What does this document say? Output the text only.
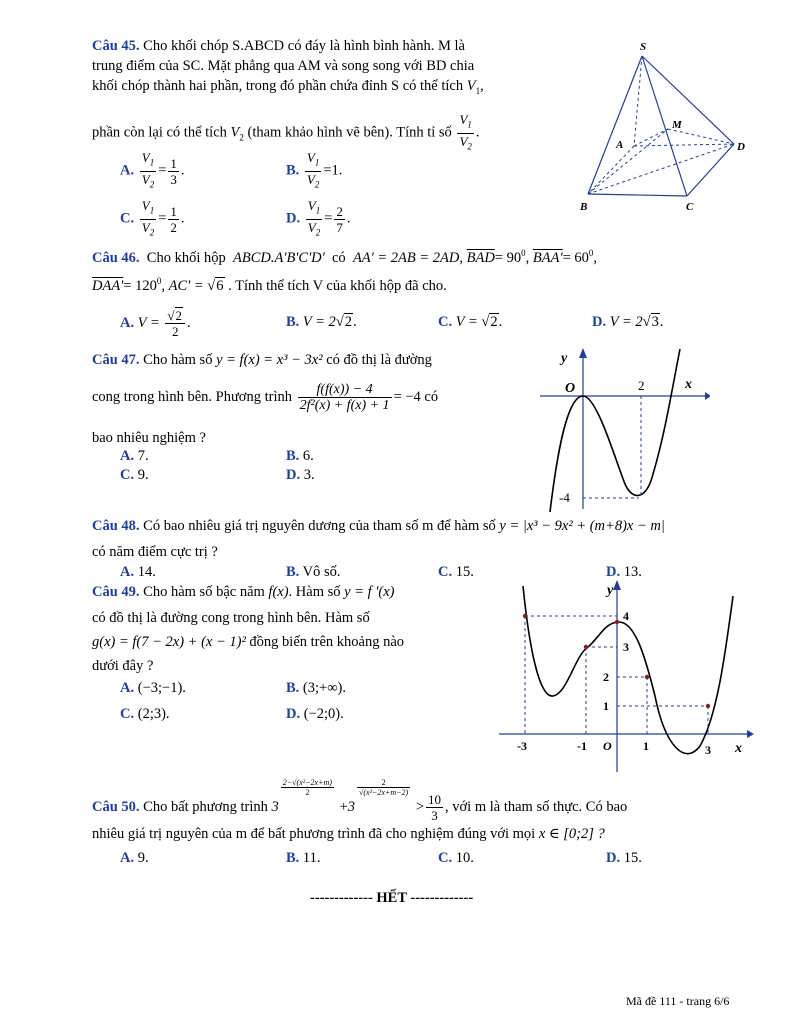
Câu 45. Cho khối chóp S.ABCD có đáy là hình bình hành. M là
trung điểm của SC. Mặt phẳng qua AM và song song với BD chia
khối chóp thành hai phần, trong đó phần chứa đỉnh S có thể tích $V_1$,
phần còn lại có thể tích $V_2$ (tham khảo hình vẽ bên). Tính tỉ số $\frac{V_1}{V_2}$ .
A. $\frac{V_1}{V_2} = \frac{1}{3}$ .	B. $\frac{V_1}{V_2} =1$.
C. $\frac{V_1}{V_2} = \frac{1}{2}$ .	D. $\frac{V_1}{V_2} = \frac{2}{7}$ .
S
A
B	C
D
M
Câu 46. Cho khối hộp ABCD.A'B'C'D' có AA' = 2AB = 2AD, $\overline{BAD}= 90^0$, $BAA'= 60^0$,
$DAA'= 120^0$, AC' = √6 . Tính thể tích V của khối hộp đã cho.
A. $V = \frac{√2}{2}$ .	B. V = 2√2.	C. V = √2.	D. V = 2√3.
Câu 47. Cho hàm số y = f(x) = x³ − 3x² có đồ thị là đường
cong trong hình bên. Phương trình $\frac{f(f(x)) - 4}{\text{2f²(x) + f(x) + 1}} = -4$ có
bao nhiêu nghiệm ?
A. 7.	B. 6.
C. 9.	D. 3.
y
x
O	2
-4
Câu 48. Có bao nhiêu giá trị nguyên dương của tham số m để hàm số y = |x³ − 9x² + (m+8)x − m|
có năm điểm cực trị ?
A. 14.	B. Vô số.	C. 15.	D. 13.
Câu 49. Cho hàm số bậc năm f(x). Hàm số y = f '(x)
có đồ thị là đường cong trong hình bên. Hàm số
g(x) = f(7 − 2x) + (x − 1)² đồng biến trên khoảng nào
dưới đây ?
A. (−3;−1).	B. (3;+∞).
C. (2;3).	D. (−2;0).
y
x
O
4
3
2
1
-3	-1	1	3
Câu 50. Cho bất phương trình 3
$\frac{\text{2−√(x²−2x+m)}}{2}$
+3
$\frac{2}{\text{√(x²−2x+m−2)}}$
> $\frac{10}{3}$ , với m là tham số thực. Có bao
nhiêu giá trị nguyên của m để bất phương trình đã cho nghiệm đúng với mọi x ∈ [0;2] ?
A. 9.	B. 11.	C. 10.	D. 15.
------------- HẾT -------------
Mã đề 111 - trang 6/6
